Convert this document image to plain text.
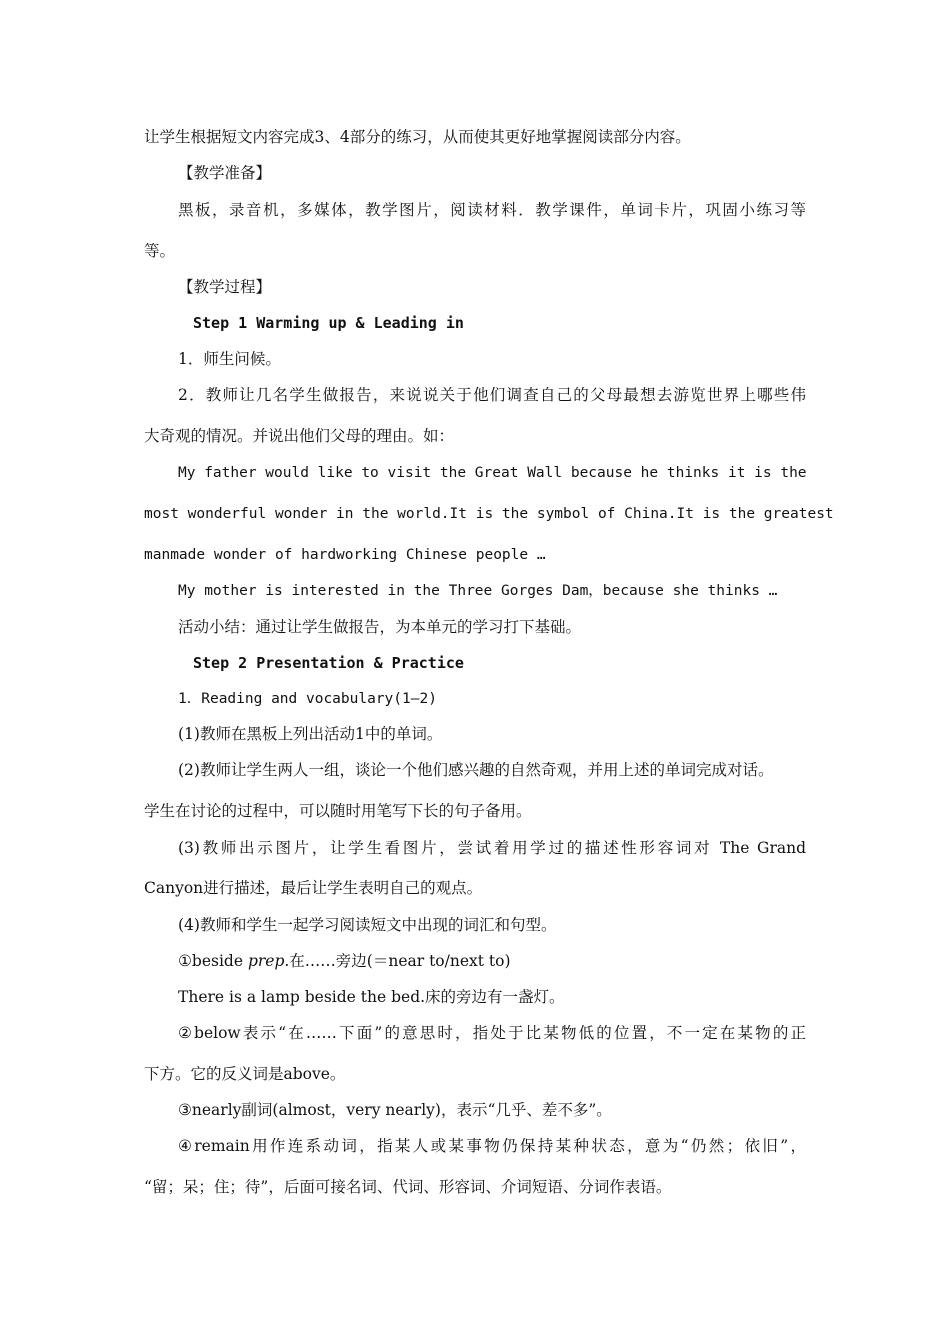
让学生根据短文内容完成3、4部分的练习，从而使其更好地掌握阅读部分内容。
【教学准备】
黑板，录音机，多媒体，教学图片，阅读材料．教学课件，单词卡片，巩固小练习等
等。
【教学过程】
Step 1 Warming up & Leading in
1．师生问候。
2．教师让几名学生做报告，来说说关于他们调查自己的父母最想去游览世界上哪些伟
大奇观的情况。并说出他们父母的理由。如：
My father would like to visit the Great Wall because he thinks it is the
most wonderful wonder in the world.It is the symbol of China.It is the greatest
manmade wonder of hardworking Chinese people …
My mother is interested in the Three Gorges Dam，because she thinks …
活动小结：通过让学生做报告，为本单元的学习打下基础。
Step 2 Presentation & Practice
1．Reading and vocabulary(1—2)
(1)教师在黑板上列出活动1中的单词。
(2)教师让学生两人一组，谈论一个他们感兴趣的自然奇观，并用上述的单词完成对话。
学生在讨论的过程中，可以随时用笔写下长的句子备用。
(3)教师出示图片，让学生看图片，尝试着用学过的描述性形容词对 The Grand
Canyon进行描述，最后让学生表明自己的观点。
(4)教师和学生一起学习阅读短文中出现的词汇和句型。
①beside prep.在……旁边(＝near to/next to)
There is a lamp beside the bed.床的旁边有一盏灯。
②below表示“在……下面”的意思时，指处于比某物低的位置，不一定在某物的正
下方。它的反义词是above。
③nearly副词(almost，very nearly)，表示“几乎、差不多”。
④remain用作连系动词，指某人或某事物仍保持某种状态，意为“仍然；依旧”，
“留；呆；住；待”，后面可接名词、代词、形容词、介词短语、分词作表语。
